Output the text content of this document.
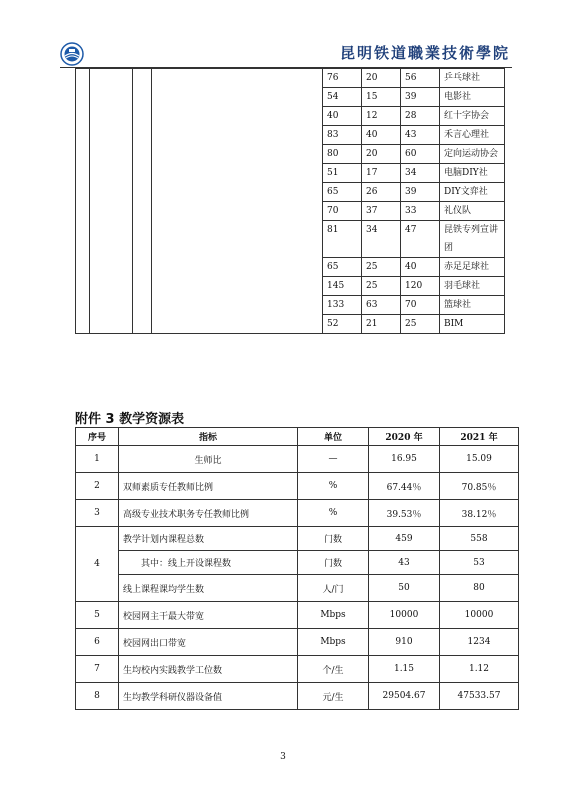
昆明铁道職業技術學院
				76	20	56	乒乓球社
				54	15	39	电影社
				40	12	28	红十字协会
				83	40	43	禾言心理社
				80	20	60	定向运动协会
				51	17	34	电脑DIY社
				65	26	39	DIY文弈社
				70	37	33	礼仪队
				81	34	47	昆铁专列宣讲团
				65	25	40	赤足足球社
				145	25	120	羽毛球社
				133	63	70	篮球社
				52	21	25	BIM
附件 3 教学资源表
序号	指标	单位	2020 年	2021 年
1	生师比	—	16.95	15.09
2	双师素质专任教师比例	%	67.44％	70.85％
3	高级专业技术职务专任教师比例	%	39.53％	38.12％
4	教学计划内课程总数	门数	459	558
	其中：线上开设课程数	门数	43	53
	线上课程课均学生数	人/门	50	80
5	校园网主干最大带宽	Mbps	10000	10000
6	校园网出口带宽	Mbps	910	1234
7	生均校内实践教学工位数	个/生	1.15	1.12
8	生均教学科研仪器设备值	元/生	29504.67	47533.57
3
